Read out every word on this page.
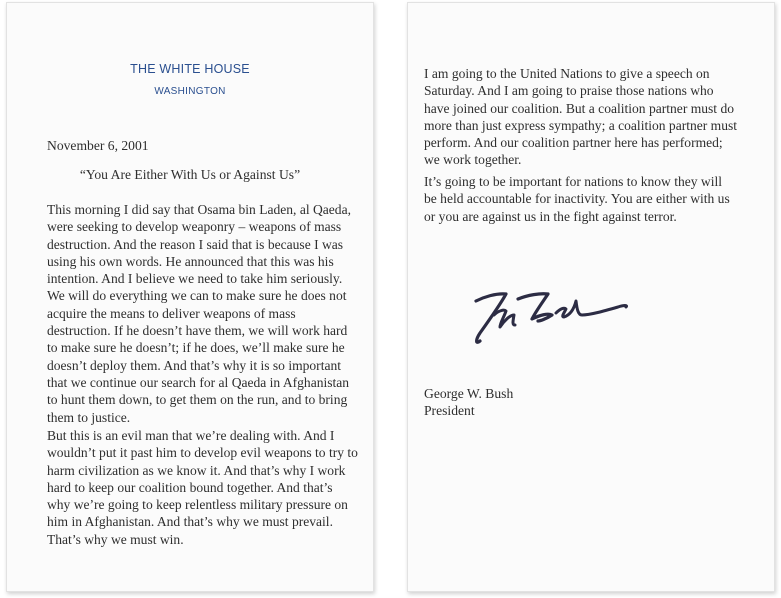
THE WHITE HOUSE
WASHINGTON
November 6, 2001
“You Are Either With Us or Against Us”
This morning I did say that Osama bin Laden, al Qaeda,
were seeking to develop weaponry – weapons of mass
destruction. And the reason I said that is because I was
using his own words. He announced that this was his
intention. And I believe we need to take him seriously.
We will do everything we can to make sure he does not
acquire the means to deliver weapons of mass
destruction. If he doesn’t have them, we will work hard
to make sure he doesn’t; if he does, we’ll make sure he
doesn’t deploy them. And that’s why it is so important
that we continue our search for al Qaeda in Afghanistan
to hunt them down, to get them on the run, and to bring
them to justice.
But this is an evil man that we’re dealing with. And I
wouldn’t put it past him to develop evil weapons to try to
harm civilization as we know it. And that’s why I work
hard to keep our coalition bound together. And that’s
why we’re going to keep relentless military pressure on
him in Afghanistan. And that’s why we must prevail.
That’s why we must win.
I am going to the United Nations to give a speech on
Saturday. And I am going to praise those nations who
have joined our coalition. But a coalition partner must do
more than just express sympathy; a coalition partner must
perform. And our coalition partner here has performed;
we work together.
It’s going to be important for nations to know they will
be held accountable for inactivity. You are either with us
or you are against us in the fight against terror.
George W. Bush
President
